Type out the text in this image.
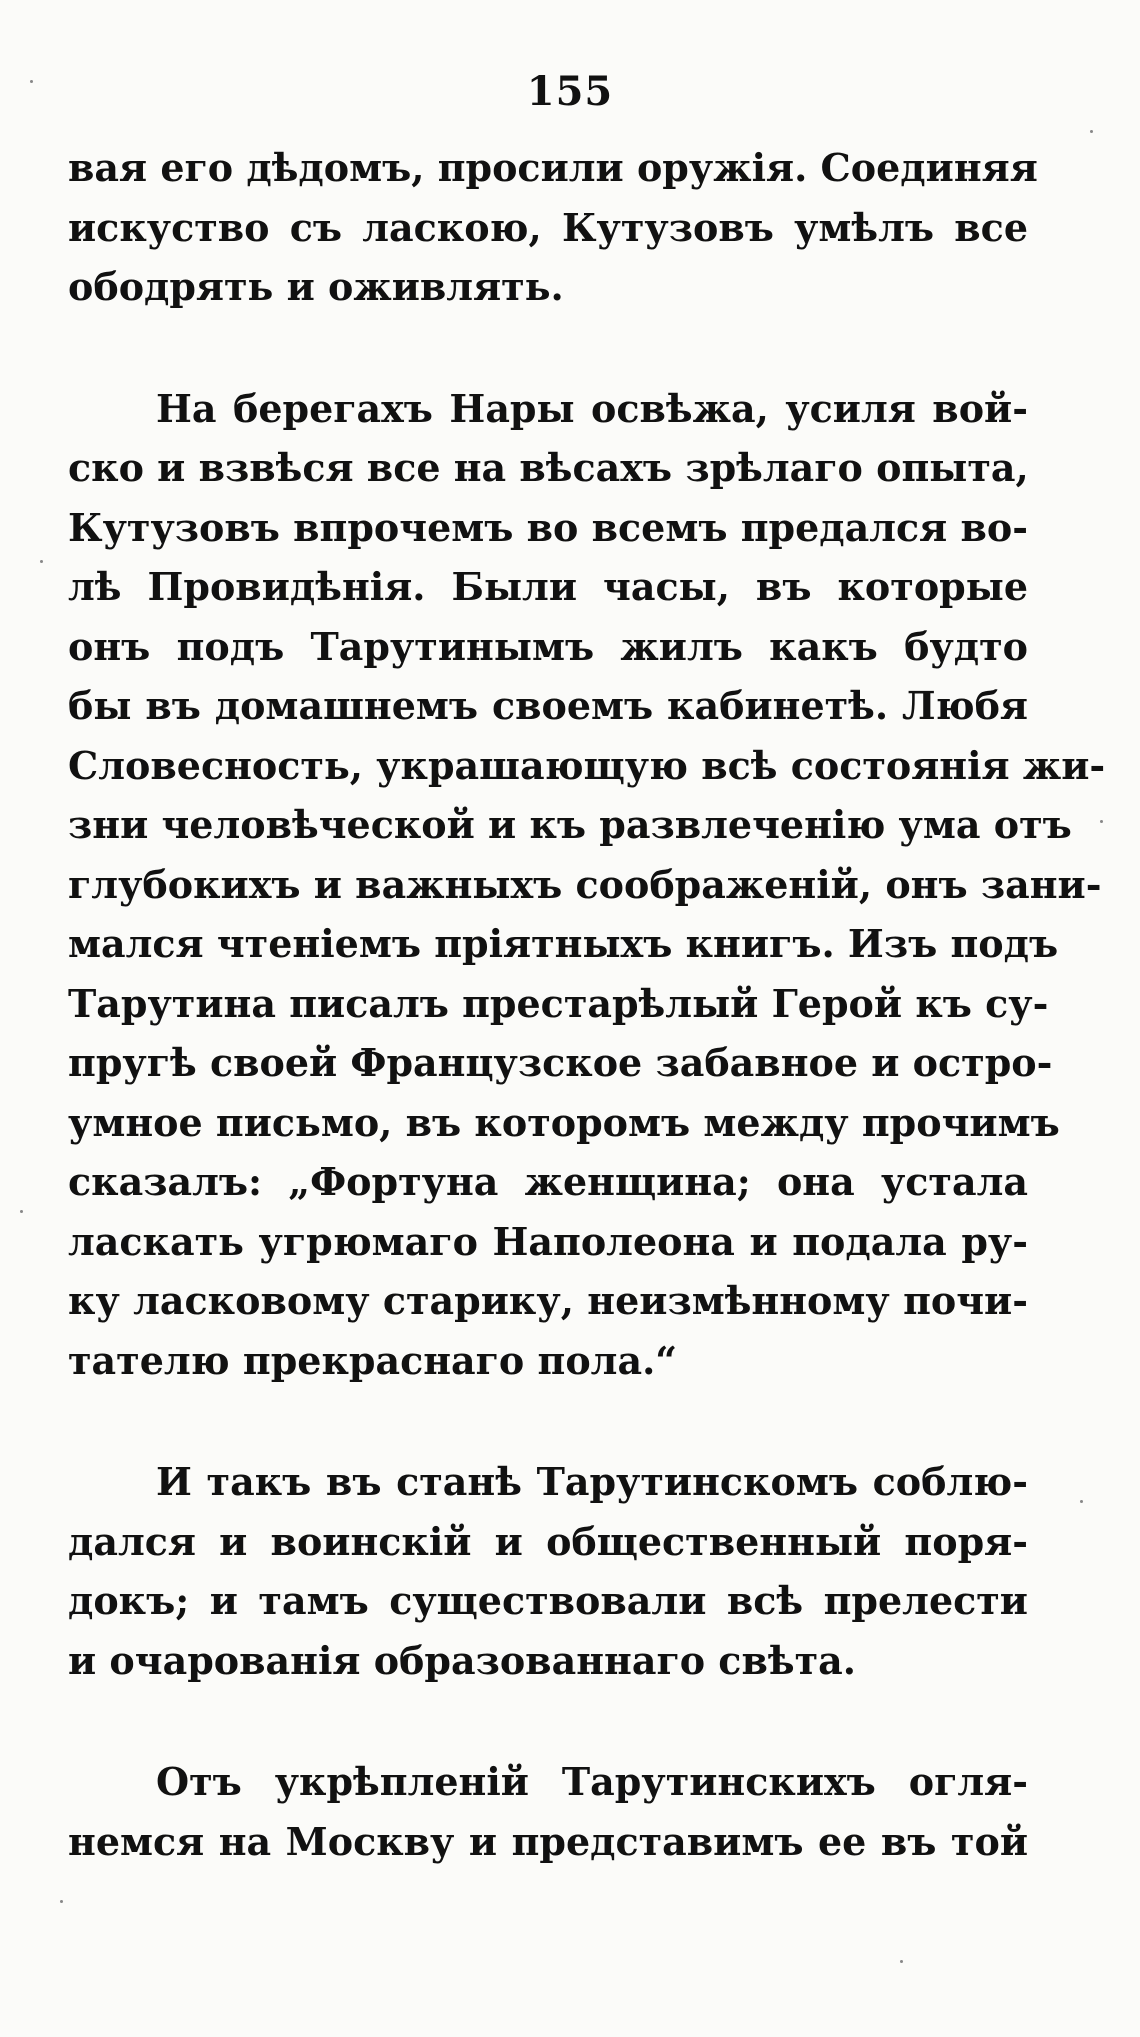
155
вая его дѣдомъ, просили оружія. Соединяя
искуство съ ласкою, Кутузовъ умѣлъ все
ободрять и оживлять.
На берегахъ Нары освѣжа, усиля вой-
ско и взвѣся все на вѣсахъ зрѣлаго опыта,
Кутузовъ впрочемъ во всемъ предался во-
лѣ Провидѣнія. Были часы, въ которые
онъ подъ Тарутинымъ жилъ какъ будто
бы въ домашнемъ своемъ кабинетѣ. Любя
Словесность, украшающую всѣ состоянія жи-
зни человѣческой и къ развлеченію ума отъ
глубокихъ и важныхъ соображеній, онъ зани-
мался чтеніемъ пріятныхъ книгъ. Изъ подъ
Тарутина писалъ престарѣлый Герой къ су-
пругѣ своей Французское забавное и остро-
умное письмо, въ которомъ между прочимъ
сказалъ: „Фортуна женщина; она устала
ласкать угрюмаго Наполеона и подала ру-
ку ласковому старику, неизмѣнному почи-
тателю прекраснаго пола.“
И такъ въ станѣ Тарутинскомъ соблю-
дался и воинскій и общественный поря-
докъ; и тамъ существовали всѣ прелести
и очарованія образованнаго свѣта.
Отъ укрѣпленій Тарутинскихъ огля-
немся на Москву и представимъ ее въ той
